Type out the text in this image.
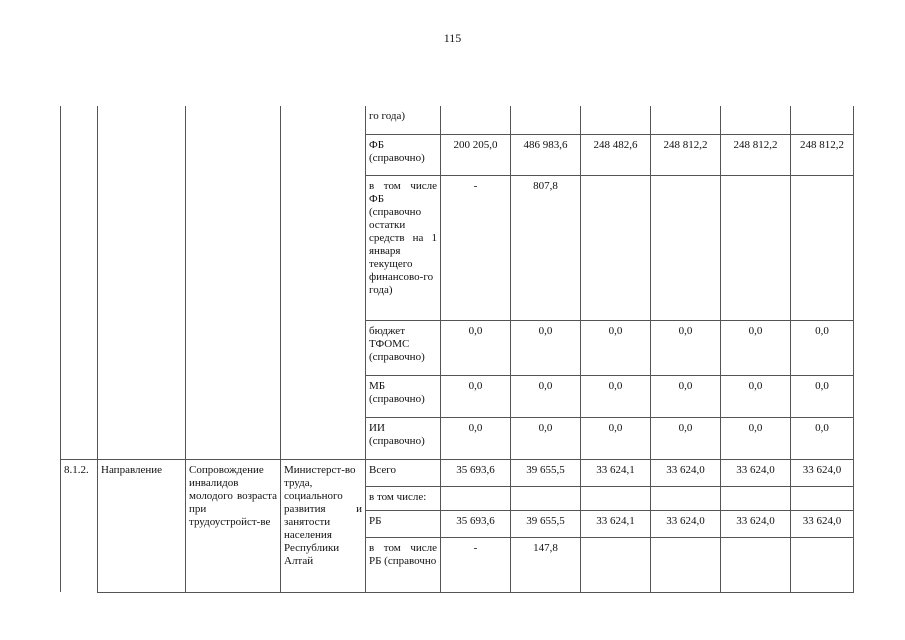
115
				го года)						
				ФБ (справочно)	200 205,0	486 983,6	248 482,6	248 812,2	248 812,2	248 812,2
				в том числе ФБ (справочно остатки средств на 1 января текущего финансово-го года)	-	807,8				
				бюджет ТФОМС (справочно)	0,0	0,0	0,0	0,0	0,0	0,0
				МБ (справочно)	0,0	0,0	0,0	0,0	0,0	0,0
				ИИ (справочно)	0,0	0,0	0,0	0,0	0,0	0,0
8.1.2.	Направление	Сопровождение инвалидов молодого возраста при трудоустройст-ве	Министерст-во труда, социального развития и занятости населения Республики Алтай	Всего	35 693,6	39 655,5	33 624,1	33 624,0	33 624,0	33 624,0
				в том числе:						
				РБ	35 693,6	39 655,5	33 624,1	33 624,0	33 624,0	33 624,0
				в том числе РБ (справочно	-	147,8				
